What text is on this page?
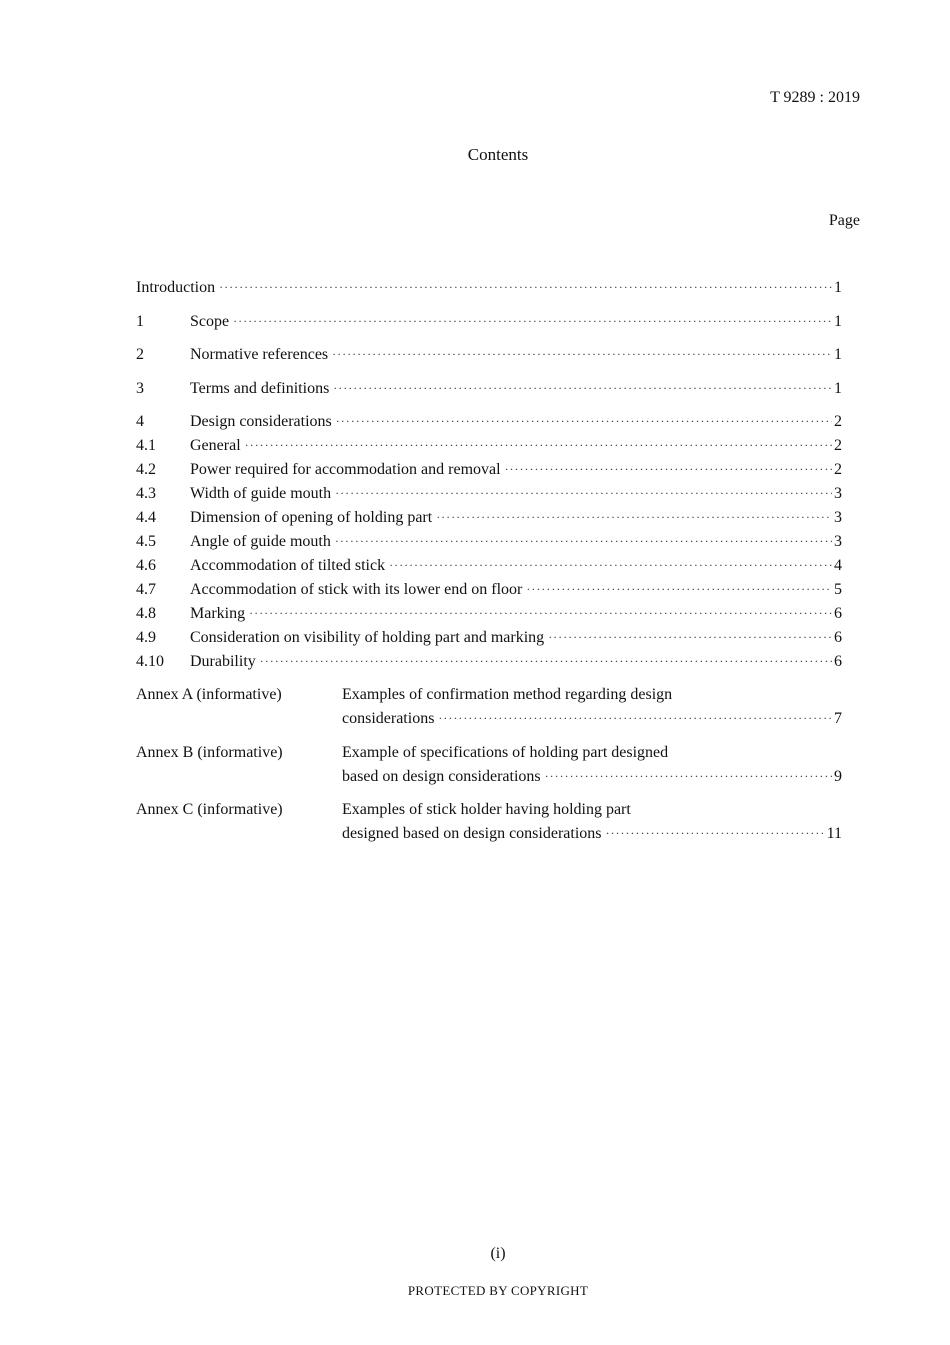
T 9289 : 2019
Contents
Page
Introduction ·····	1
1	Scope ·····	1
2	Normative references ·····	1
3	Terms and definitions ·····	1
4	Design considerations ·····	2
4.1	General ·····	2
4.2	Power required for accommodation and removal ·····	2
4.3	Width of guide mouth ·····	3
4.4	Dimension of opening of holding part ·····	3
4.5	Angle of guide mouth ·····	3
4.6	Accommodation of tilted stick ·····	4
4.7	Accommodation of stick with its lower end on floor ·····	5
4.8	Marking ·····	6
4.9	Consideration on visibility of holding part and marking ·····	6
4.10	Durability ·····	6
Annex A (informative)	Examples of confirmation method regarding design
considerations ·····	7
Annex B (informative)	Example of specifications of holding part designed
based on design considerations ·····	9
Annex C (informative)	Examples of stick holder having holding part
designed based on design considerations ·····	11
(i)
PROTECTED BY COPYRIGHT
